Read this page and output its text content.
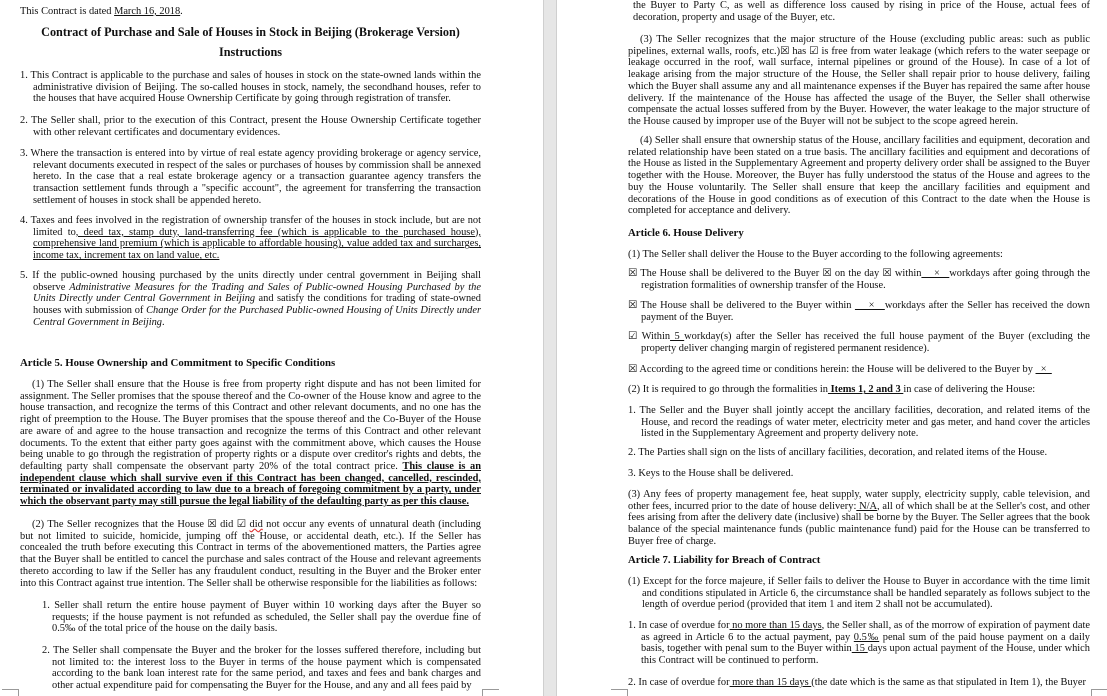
This Contract is dated March 16, 2018.

Contract of Purchase and Sale of Houses in Stock in Beijing (Brokerage Version)
Instructions

1. This Contract is applicable to the purchase and sales of houses in stock on the state-owned lands within the administrative division of Beijing. The so-called houses in stock, namely, the secondhand houses, refer to the houses that have acquired House Ownership Certificate by going through registration of transfer.

2. The Seller shall, prior to the execution of this Contract, present the House Ownership Certificate together with other relevant certificates and documentary evidences.

3. Where the transaction is entered into by virtue of real estate agency providing brokerage or agency service, relevant documents executed in respect of the sales or purchases of houses by commission shall be annexed hereto. In the case that a real estate brokerage agency or a transaction guarantee agency transfers the transaction settlement funds through a "specific account", the agreement for transferring the transaction settlement of houses in stock shall be appended hereto.

4. Taxes and fees involved in the registration of ownership transfer of the houses in stock include, but are not limited to, deed tax, stamp duty, land-transferring fee (which is applicable to the purchased house), comprehensive land premium (which is applicable to affordable housing), value added tax and surcharges, income tax, increment tax on land value, etc.

5. If the public-owned housing purchased by the units directly under central government in Beijing shall observe Administrative Measures for the Trading and Sales of Public-owned Housing Purchased by the Units Directly under Central Government in Beijing and satisfy the conditions for trading of state-owned houses with submission of Change Order for the Purchased Public-owned Housing of Units Directly under Central Government in Beijing.

Article 5. House Ownership and Commitment to Specific Conditions

(1) The Seller shall ensure that the House is free from property right dispute and has not been limited for assignment. The Seller promises that the spouse thereof and the Co-owner of the House know and agree to the house transaction, and recognize the terms of this Contract and other relevant documents, and no one has the right of preemption to the House. The Buyer promises that the spouse thereof and the Co-Buyer of the House are aware of and agree to the house transaction and recognize the terms of this Contract and other relevant documents. To the extent that either party goes against with the commitment above, which causes the House being unable to go through the registration of property rights or a dispute over creditor's rights and debts, the defaulting party shall compensate the observant party 20% of the total contract price. This clause is an independent clause which shall survive even if this Contract has been changed, cancelled, rescinded, terminated or invalidated according to law due to a breach of foregoing commitment by a party, under which the observant party may still pursue the legal liability of the defaulting party as per this clause.

(2) The Seller recognizes that the House ☒ did ☑ did not occur any events of unnatural death (including but not limited to suicide, homicide, jumping off the House, or accidental death, etc.). If the Seller has concealed the truth before executing this Contract in terms of the abovementioned matters, the Parties agree that the Buyer shall be entitled to cancel the purchase and sales contract of the House and relevant agreements thereto according to law if the Seller has any fraudulent conduct, resulting in the Buyer and the Broker enter into this Contract against true intention. The Seller shall be otherwise responsible for the liabilities as follows:

1. Seller shall return the entire house payment of Buyer within 10 working days after the Buyer so requests; if the house payment is not refunded as scheduled, the Seller shall pay the overdue fine of 0.5‰ of the total price of the house on the daily basis.

2. The Seller shall compensate the Buyer and the broker for the losses suffered therefore, including but not limited to: the interest loss to the Buyer in terms of the house payment which is compensated according to the bank loan interest rate for the same period, and taxes and fees and bank charges and other actual expenditure paid for compensating the Buyer for the House, and any and all fees paid by

the Buyer to Party C, as well as difference loss caused by rising in price of the House, actual fees of decoration, property and usage of the Buyer, etc.

(3) The Seller recognizes that the major structure of the House (excluding public areas: such as public pipelines, external walls, roofs, etc.)☒ has ☑ is free from water leakage (which refers to the water seepage or leakage occurred in the roof, wall surface, internal pipelines or ground of the House). In case of a lot of leakage arising from the major structure of the House, the Seller shall repair prior to house delivery, failing which the Buyer shall assume any and all maintenance expenses if the Buyer has repaired the same after house delivery. If the maintenance of the House has affected the usage of the Buyer, the Seller shall otherwise compensate the actual losses suffered from by the Buyer. However, the water leakage to the major structure of the House caused by improper use of the Buyer will not be subject to the scope agreed herein.

(4) Seller shall ensure that ownership status of the House, ancillary facilities and equipment, decoration and related relationship have been stated on a true basis. The ancillary facilities and equipment and decorations of the House as listed in the Supplementary Agreement and property delivery order shall be assigned to the Buyer together with the House. Moreover, the Buyer has fully understood the status of the House and agrees to the buy the House voluntarily. The Seller shall ensure that keep the ancillary facilities and equipment and decorations of the House in good conditions as of execution of this Contract to the date when the House is completed for acceptance and delivery.

Article 6. House Delivery

(1) The Seller shall deliver the House to the Buyer according to the following agreements:

☒ The House shall be delivered to the Buyer ☒ on the day ☒ within    ×   workdays after going through the registration formalities of ownership transfer of the House.

☒ The House shall be delivered to the Buyer within     ×   workdays after the Seller has received the down payment of the Buyer.

☑ Within 5 workday(s) after the Seller has received the full house payment of the Buyer (excluding the property deliver changing margin of registered permanent residence).

☒ According to the agreed time or conditions herein: the House will be delivered to the Buyer by   ×

(2) It is required to go through the formalities in Items 1, 2 and 3 in case of delivering the House:

1. The Seller and the Buyer shall jointly accept the ancillary facilities, decoration, and related items of the House, and record the readings of water meter, electricity meter and gas meter, and hand cover the articles listed in the Supplementary Agreement and property delivery note.

2. The Parties shall sign on the lists of ancillary facilities, decoration, and related items of the House.

3. Keys to the House shall be delivered.

(3) Any fees of property management fee, heat supply, water supply, electricity supply, cable television, and other fees, incurred prior to the date of house delivery: N/A, all of which shall be at the Seller's cost, and other fees arising from after the delivery date (inclusive) shall be borne by the Buyer. The Seller agrees that the book balance of the special maintenance funds (public maintenance fund) paid for the House can be transferred to Buyer free of charge.

Article 7. Liability for Breach of Contract

(1) Except for the force majeure, if Seller fails to deliver the House to Buyer in accordance with the time limit and conditions stipulated in Article 6, the circumstance shall be handled separately as follows subject to the length of overdue period (provided that item 1 and item 2 shall not be accumulated).

1. In case of overdue for no more than 15 days, the Seller shall, as of the morrow of expiration of payment date as agreed in Article 6 to the actual payment, pay 0.5‰ penal sum of the paid house payment on a daily basis, together with penal sum to the Buyer within 15 days upon actual payment of the House, under which this Contract will be continued to perform.

2. In case of overdue for more than 15 days (the date which is the same as that stipulated in Item 1), the Buyer
